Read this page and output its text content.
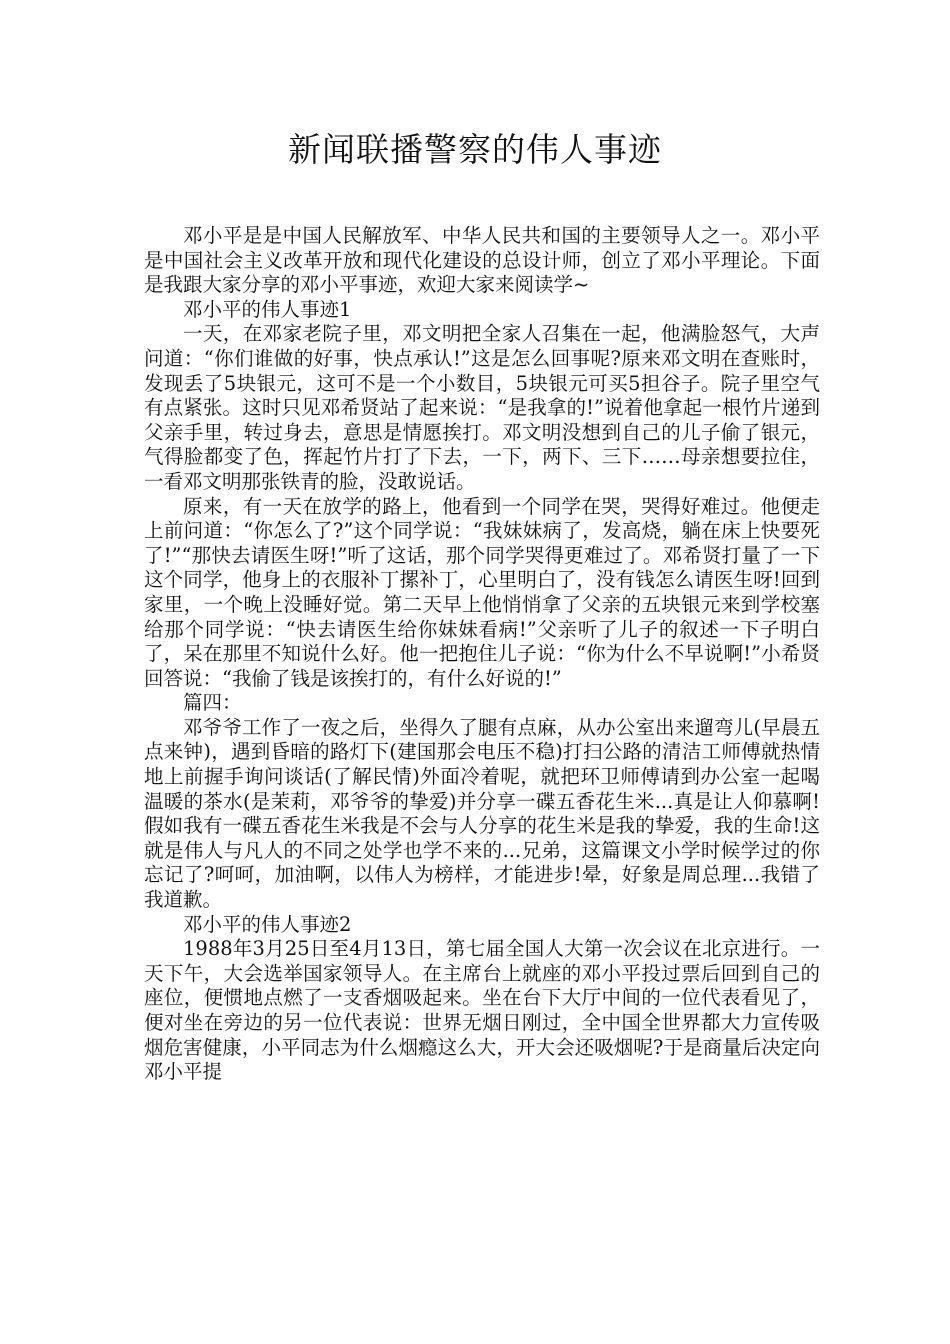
新闻联播警察的伟人事迹

邓小平是是中国人民解放军、中华人民共和国的主要领导人之一。邓小平是中国社会主义改革开放和现代化建设的总设计师，创立了邓小平理论。下面是我跟大家分享的邓小平事迹，欢迎大家来阅读学~

邓小平的伟人事迹1

一天，在邓家老院子里，邓文明把全家人召集在一起，他满脸怒气，大声问道：“你们谁做的好事，快点承认!”这是怎么回事呢?原来邓文明在查账时，发现丢了5块银元，这可不是一个小数目，5块银元可买5担谷子。院子里空气有点紧张。这时只见邓希贤站了起来说：“是我拿的!”说着他拿起一根竹片递到父亲手里，转过身去，意思是情愿挨打。邓文明没想到自己的儿子偷了银元，气得脸都变了色，挥起竹片打了下去，一下，两下、三下……母亲想要拉住，一看邓文明那张铁青的脸，没敢说话。

原来，有一天在放学的路上，他看到一个同学在哭，哭得好难过。他便走上前问道：“你怎么了?”这个同学说：“我妹妹病了，发高烧，躺在床上快要死了!”“那快去请医生呀!”听了这话，那个同学哭得更难过了。邓希贤打量了一下这个同学，他身上的衣服补丁摞补丁，心里明白了，没有钱怎么请医生呀!回到家里，一个晚上没睡好觉。第二天早上他悄悄拿了父亲的五块银元来到学校塞给那个同学说：“快去请医生给你妹妹看病!”父亲听了儿子的叙述一下子明白了，呆在那里不知说什么好。他一把抱住儿子说：“你为什么不早说啊!”小希贤回答说：“我偷了钱是该挨打的，有什么好说的!”

篇四：

邓爷爷工作了一夜之后，坐得久了腿有点麻，从办公室出来遛弯儿(早晨五点来钟)，遇到昏暗的路灯下(建国那会电压不稳)打扫公路的清洁工师傅就热情地上前握手询问谈话(了解民情)外面冷着呢，就把环卫师傅请到办公室一起喝温暖的茶水(是茉莉，邓爷爷的挚爱)并分享一碟五香花生米...真是让人仰慕啊!假如我有一碟五香花生米我是不会与人分享的花生米是我的挚爱，我的生命!这就是伟人与凡人的不同之处学也学不来的...兄弟，这篇课文小学时候学过的你忘记了?呵呵，加油啊，以伟人为榜样，才能进步!晕，好象是周总理...我错了我道歉。

邓小平的伟人事迹2

1988年3月25日至4月13日，第七届全国人大第一次会议在北京进行。一天下午，大会选举国家领导人。在主席台上就座的邓小平投过票后回到自己的座位，便惯地点燃了一支香烟吸起来。坐在台下大厅中间的一位代表看见了，便对坐在旁边的另一位代表说：世界无烟日刚过，全中国全世界都大力宣传吸烟危害健康，小平同志为什么烟瘾这么大，开大会还吸烟呢?于是商量后决定向邓小平提
